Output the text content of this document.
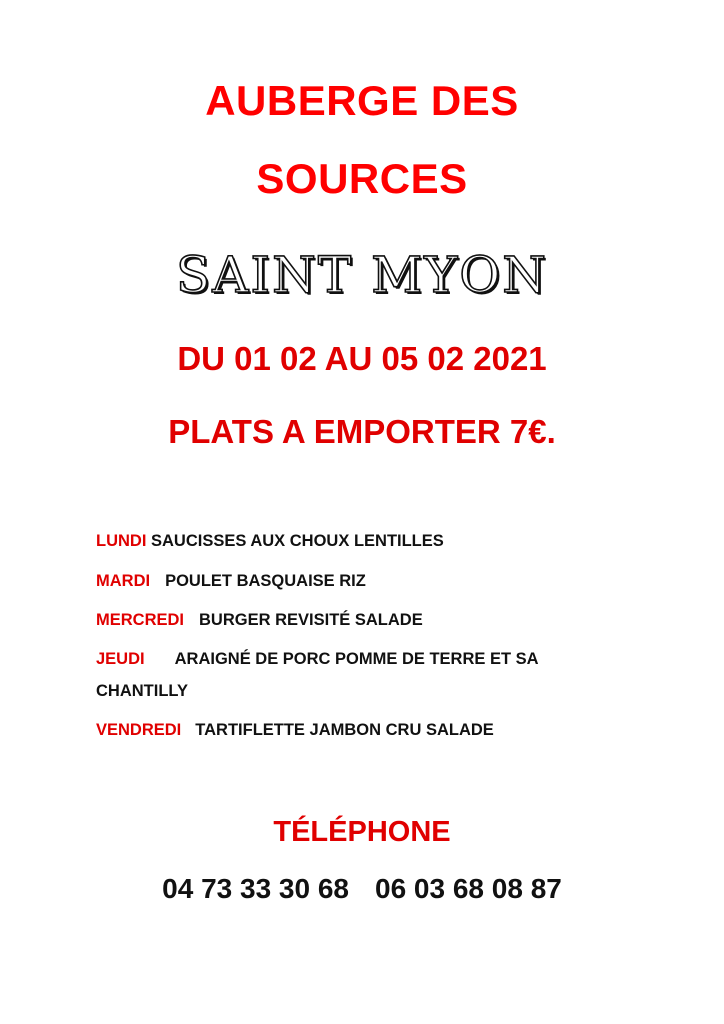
AUBERGE DES
SOURCES
SAINT MYON
DU 01 02 AU 05 02 2021
PLATS A EMPORTER 7€.
LUNDI SAUCISSES AUX CHOUX LENTILLES
MARDI POULET BASQUAISE RIZ
MERCREDI BURGER REVISITÉ SALADE
JEUDI ARAIGNÉ DE PORC POMME DE TERRE ET SA
CHANTILLY
VENDREDI TARTIFLETTE JAMBON CRU SALADE
TÉLÉPHONE
04 73 33 30 68 06 03 68 08 87
